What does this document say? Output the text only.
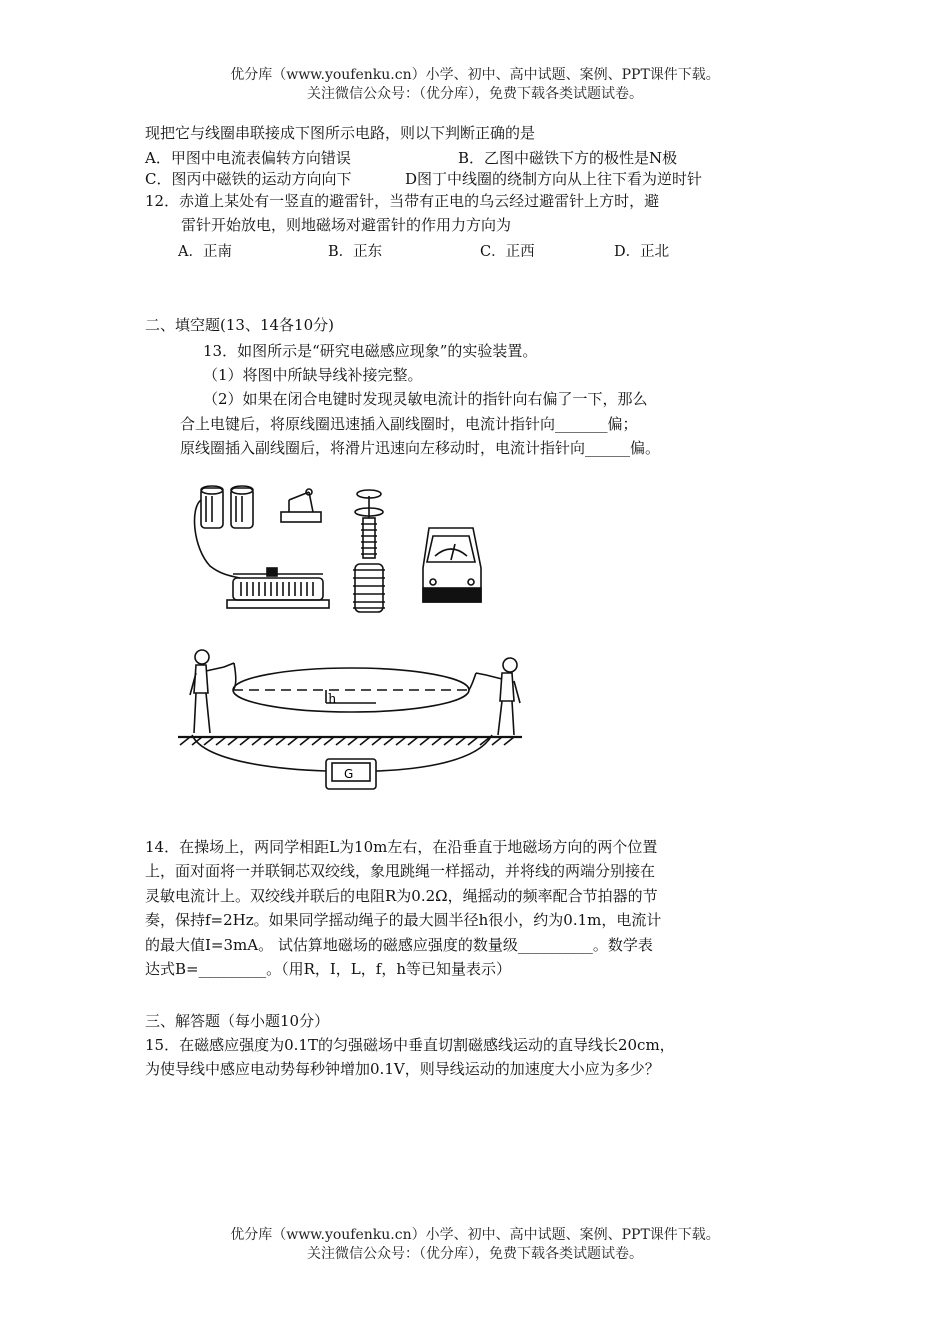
优分库（www.youfenku.cn）小学、初中、高中试题、案例、PPT课件下载。
关注微信公众号：（优分库），免费下载各类试题试卷。
现把它与线圈串联接成下图所示电路，则以下判断正确的是
A．甲图中电流表偏转方向错误	B．乙图中磁铁下方的极性是N极
C．图丙中磁铁的运动方向向下	D图丁中线圈的绕制方向从上往下看为逆时针
12．赤道上某处有一竖直的避雷针，当带有正电的乌云经过避雷针上方时，避
雷针开始放电，则地磁场对避雷针的作用力方向为
A．正南	B．正东	C．正西	D．正北
二、填空题(13、14各10分)
13．如图所示是“研究电磁感应现象”的实验装置。
（1）将图中所缺导线补接完整。
（2）如果在闭合电键时发现灵敏电流计的指针向右偏了一下，那么
合上电键后，将原线圈迅速插入副线圈时，电流计指针向_______偏；
原线圈插入副线圈后，将滑片迅速向左移动时，电流计指针向______偏。
h
G
14．在操场上，两同学相距L为10m左右，在沿垂直于地磁场方向的两个位置
上，面对面将一并联铜芯双绞线，象甩跳绳一样摇动，并将线的两端分别接在
灵敏电流计上。双绞线并联后的电阻R为0.2Ω，绳摇动的频率配合节拍器的节
奏，保持f=2Hz。如果同学摇动绳子的最大圆半径h很小，约为0.1m，电流计
的最大值I=3mA。 试估算地磁场的磁感应强度的数量级__________。数学表
达式B=_________。（用R，I，L，f，h等已知量表示）
三、解答题（每小题10分）
15．在磁感应强度为0.1T的匀强磁场中垂直切割磁感线运动的直导线长20cm，
为使导线中感应电动势每秒钟增加0.1V，则导线运动的加速度大小应为多少？
优分库（www.youfenku.cn）小学、初中、高中试题、案例、PPT课件下载。
关注微信公众号：（优分库），免费下载各类试题试卷。
